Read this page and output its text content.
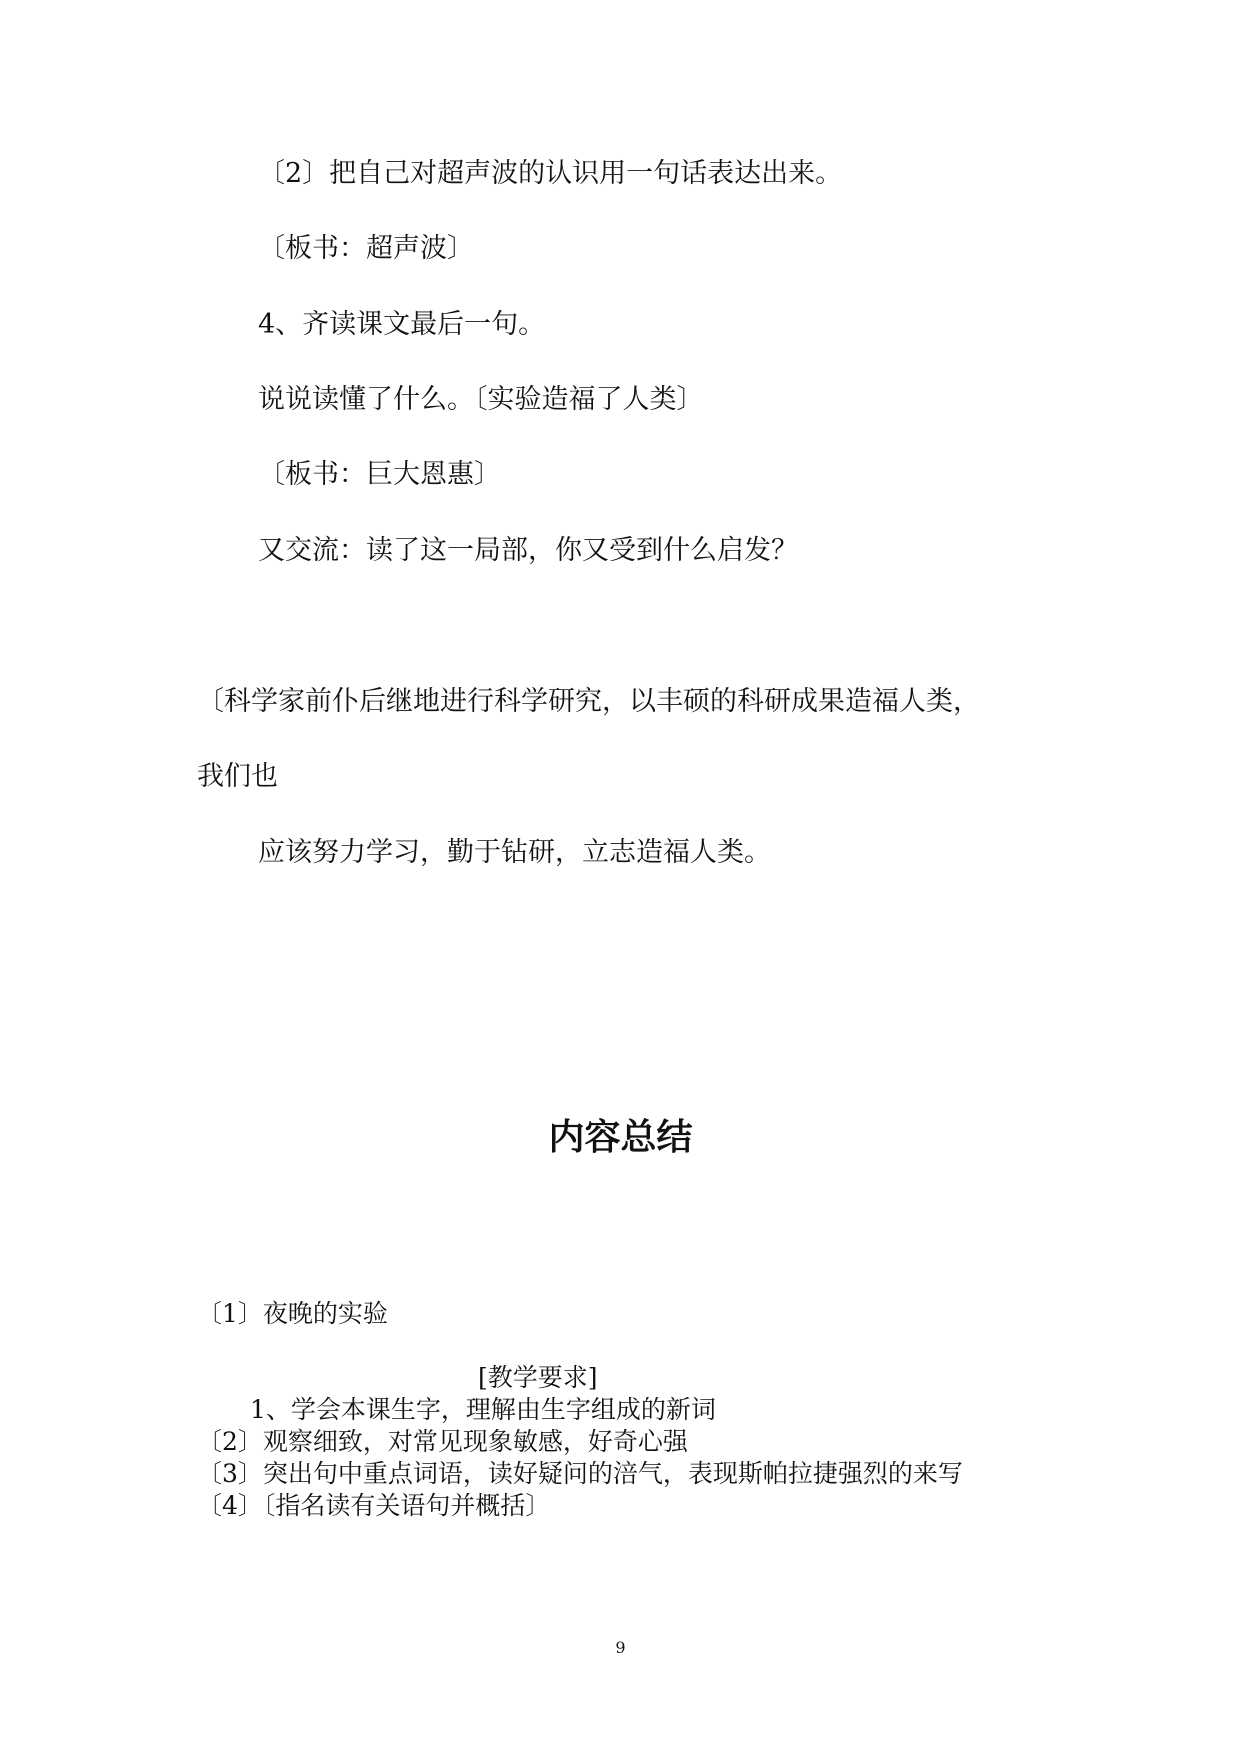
〔2〕把自己对超声波的认识用一句话表达出来。
〔板书：超声波〕
4、齐读课文最后一句。
说说读懂了什么。〔实验造福了人类〕
〔板书：巨大恩惠〕
又交流：读了这一局部，你又受到什么启发？
〔科学家前仆后继地进行科学研究，以丰硕的科研成果造福人类，
我们也
应该努力学习，勤于钻研，立志造福人类。
内容总结
〔1〕夜晚的实验
[教学要求]
1、学会本课生字，理解由生字组成的新词
〔2〕观察细致，对常见现象敏感，好奇心强
〔3〕突出句中重点词语，读好疑问的涪气，表现斯帕拉捷强烈的来写
〔4〕〔指名读有关语句并概括〕
9
